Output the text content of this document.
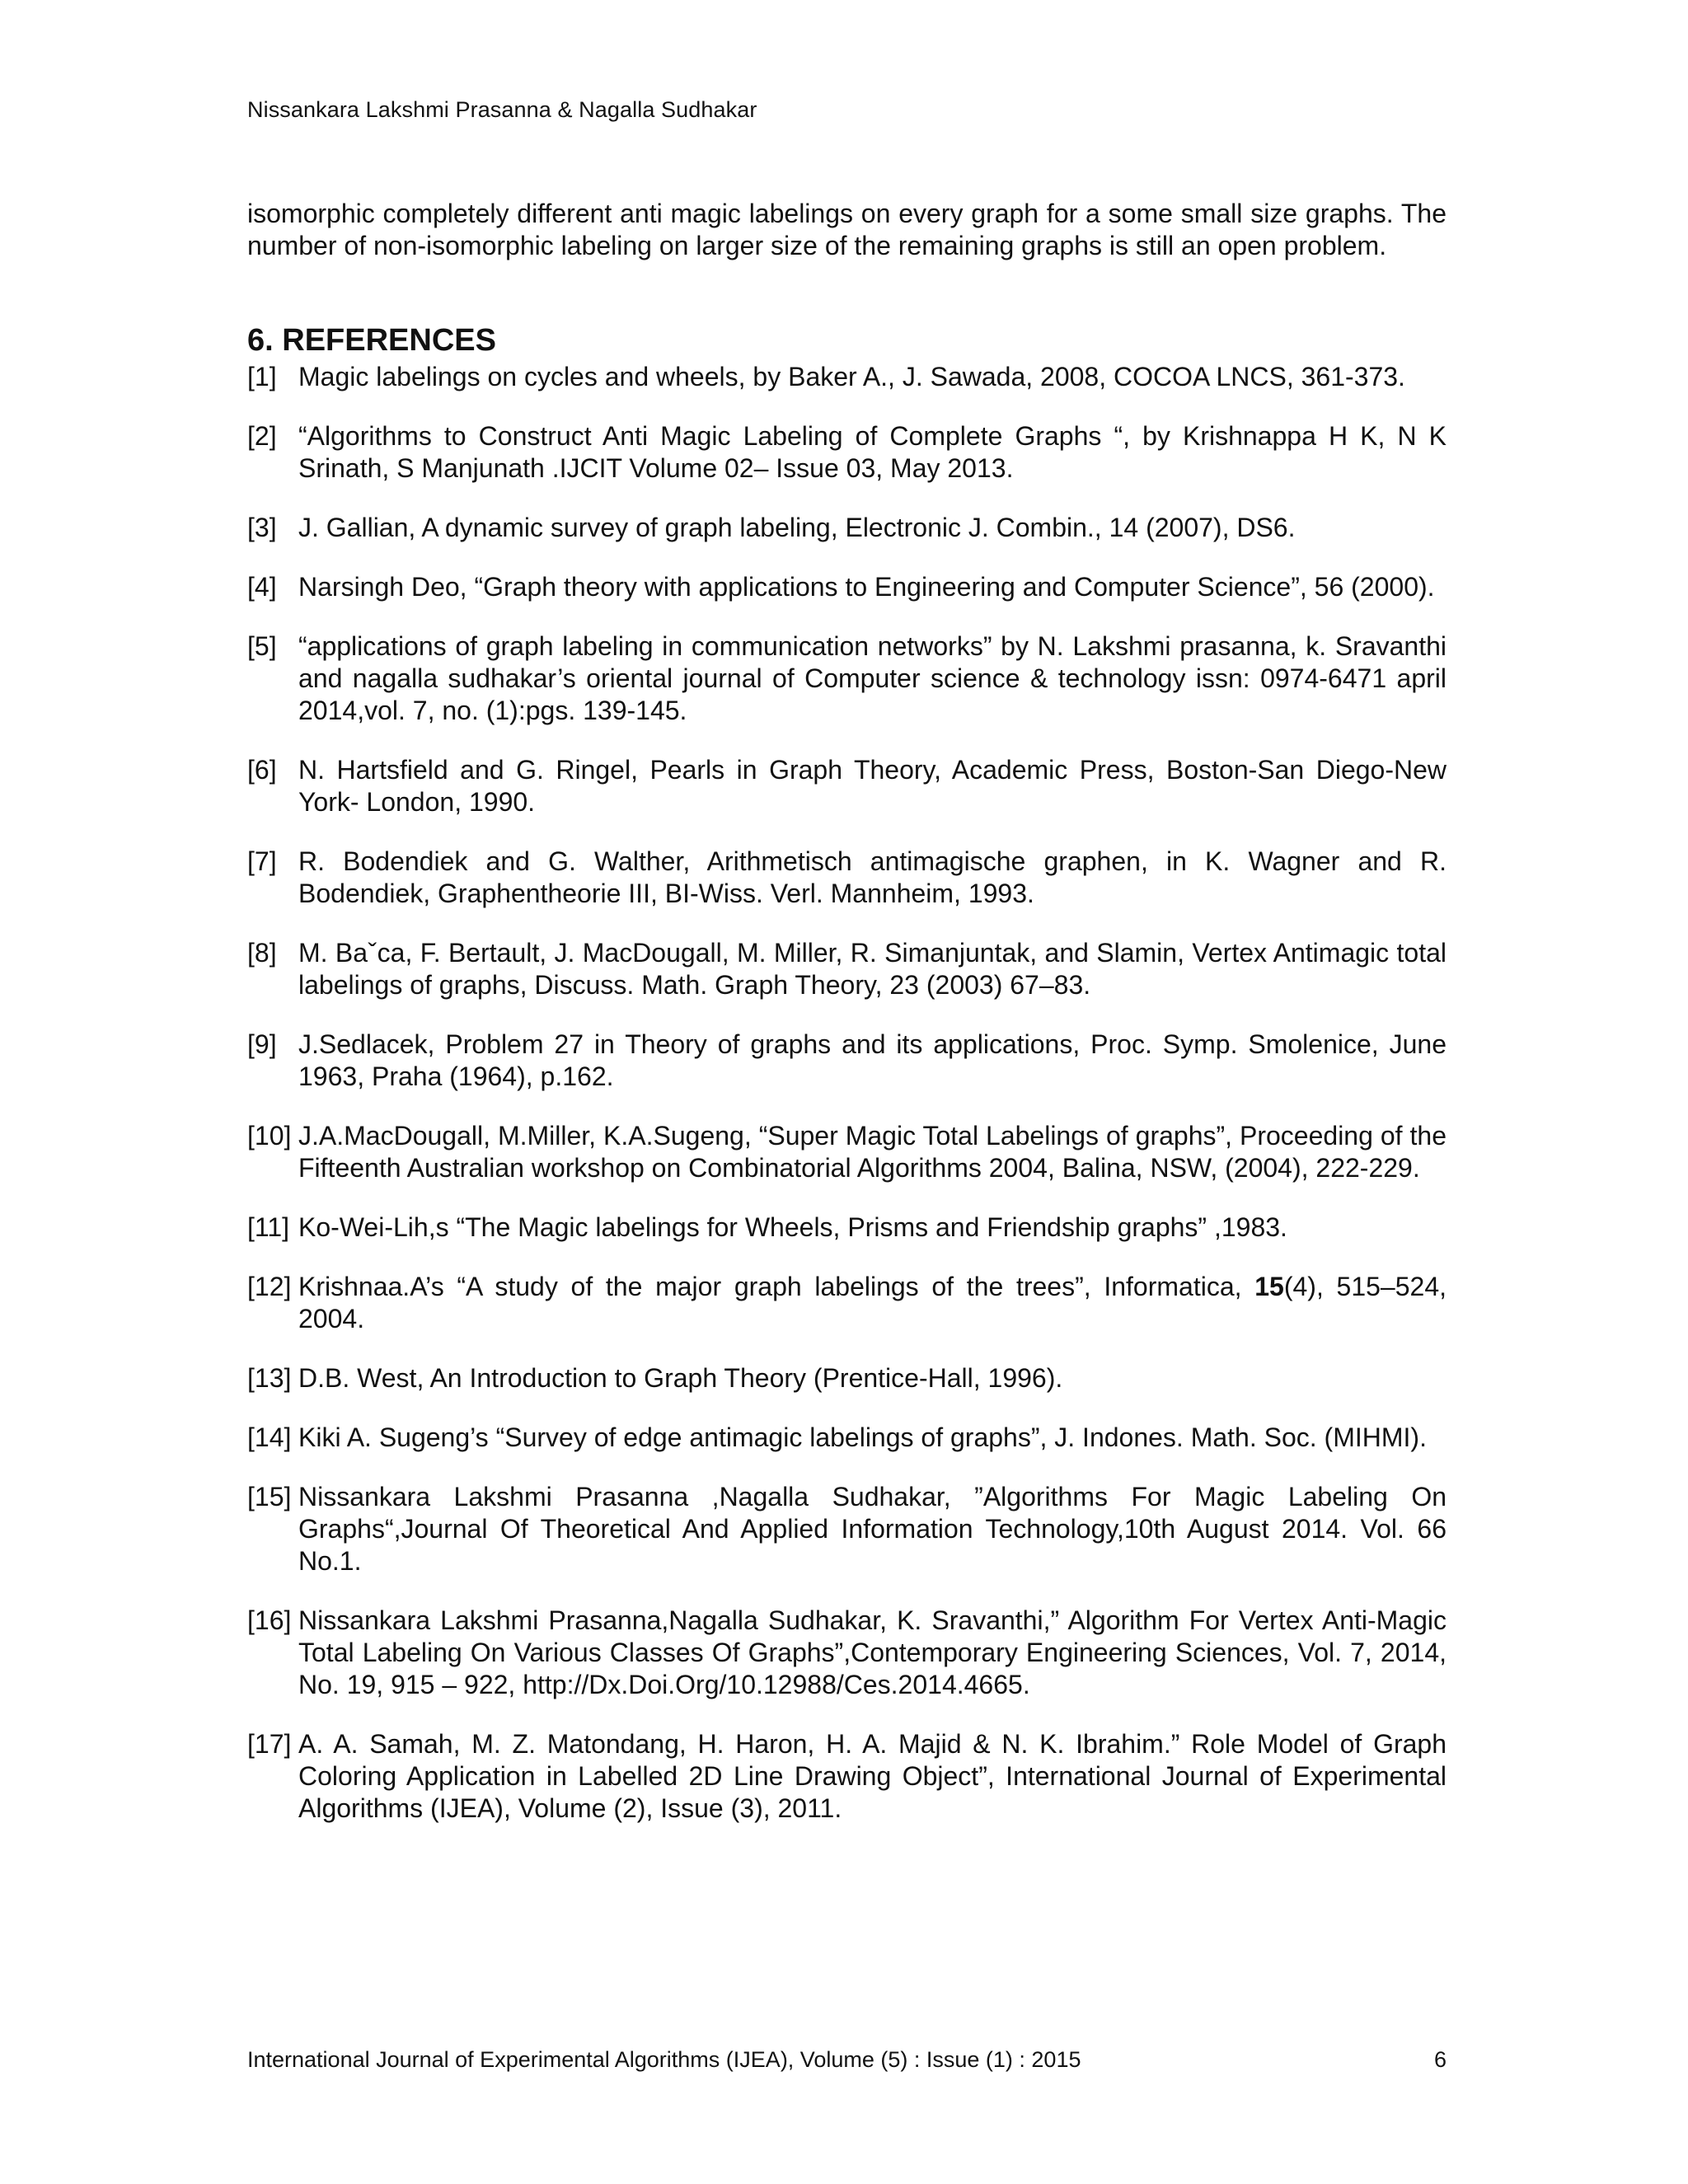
Nissankara Lakshmi Prasanna & Nagalla Sudhakar

isomorphic completely different anti magic labelings on every graph for a some small size graphs. The number of non-isomorphic labeling on larger size of the remaining graphs is still an open problem.

6. REFERENCES
[1] Magic labelings on cycles and wheels, by Baker A., J. Sawada, 2008, COCOA LNCS, 361-373.
[2] “Algorithms to Construct Anti Magic Labeling of Complete Graphs “, by Krishnappa H K, N K Srinath, S Manjunath .IJCIT Volume 02– Issue 03, May 2013.
[3] J. Gallian, A dynamic survey of graph labeling, Electronic J. Combin., 14 (2007), DS6.
[4] Narsingh Deo, “Graph theory with applications to Engineering and Computer Science”, 56 (2000).
[5] “applications of graph labeling in communication networks” by N. Lakshmi prasanna, k. Sravanthi and nagalla sudhakar’s oriental journal of Computer science & technology issn: 0974-6471 april 2014,vol. 7, no. (1):pgs. 139-145.
[6] N. Hartsfield and G. Ringel, Pearls in Graph Theory, Academic Press, Boston-San Diego-New York- London, 1990.
[7] R. Bodendiek and G. Walther, Arithmetisch antimagische graphen, in K. Wagner and R. Bodendiek, Graphentheorie III, BI-Wiss. Verl. Mannheim, 1993.
[8] M. Baˇca, F. Bertault, J. MacDougall, M. Miller, R. Simanjuntak, and Slamin, Vertex Antimagic total labelings of graphs, Discuss. Math. Graph Theory, 23 (2003) 67–83.
[9] J.Sedlacek, Problem 27 in Theory of graphs and its applications, Proc. Symp. Smolenice, June 1963, Praha (1964), p.162.
[10] J.A.MacDougall, M.Miller, K.A.Sugeng, “Super Magic Total Labelings of graphs”, Proceeding of the Fifteenth Australian workshop on Combinatorial Algorithms 2004, Balina, NSW, (2004), 222-229.
[11] Ko-Wei-Lih,s “The Magic labelings for Wheels, Prisms and Friendship graphs” ,1983.
[12] Krishnaa.A’s “A study of the major graph labelings of the trees”, Informatica, 15(4), 515–524, 2004.
[13] D.B. West, An Introduction to Graph Theory (Prentice-Hall, 1996).
[14] Kiki A. Sugeng’s “Survey of edge antimagic labelings of graphs”, J. Indones. Math. Soc. (MIHMI).
[15] Nissankara Lakshmi Prasanna ,Nagalla Sudhakar, ”Algorithms For Magic Labeling On Graphs“,Journal Of Theoretical And Applied Information Technology,10th August 2014. Vol. 66 No.1.
[16] Nissankara Lakshmi Prasanna,Nagalla Sudhakar, K. Sravanthi,” Algorithm For Vertex Anti-Magic Total Labeling On Various Classes Of Graphs”,Contemporary Engineering Sciences, Vol. 7, 2014, No. 19, 915 – 922, http://Dx.Doi.Org/10.12988/Ces.2014.4665.
[17] A. A. Samah, M. Z. Matondang, H. Haron, H. A. Majid & N. K. Ibrahim.” Role Model of Graph Coloring Application in Labelled 2D Line Drawing Object”, International Journal of Experimental Algorithms (IJEA), Volume (2), Issue (3), 2011.
International Journal of Experimental Algorithms (IJEA), Volume (5) : Issue (1) : 2015	6
